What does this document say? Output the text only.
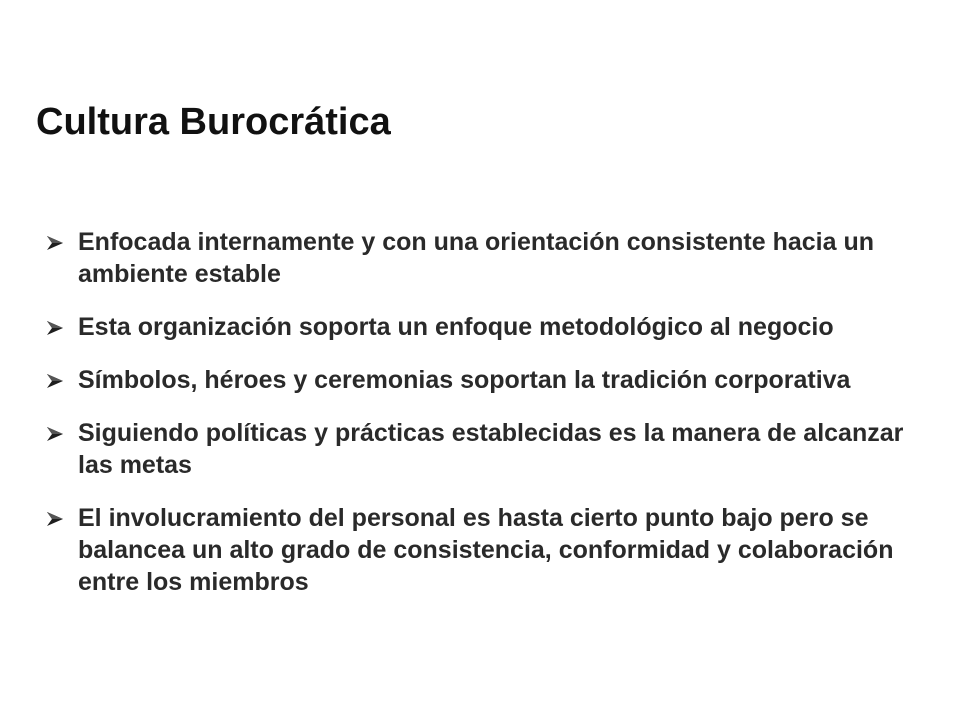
Cultura Burocrática
Enfocada internamente y con una orientación consistente hacia un ambiente estable
Esta organización soporta un enfoque metodológico al negocio
Símbolos, héroes y ceremonias soportan la tradición corporativa
Siguiendo políticas y prácticas establecidas es la manera de alcanzar las metas
El involucramiento del personal es hasta cierto punto bajo pero se balancea un alto grado de consistencia, conformidad y colaboración entre los miembros
